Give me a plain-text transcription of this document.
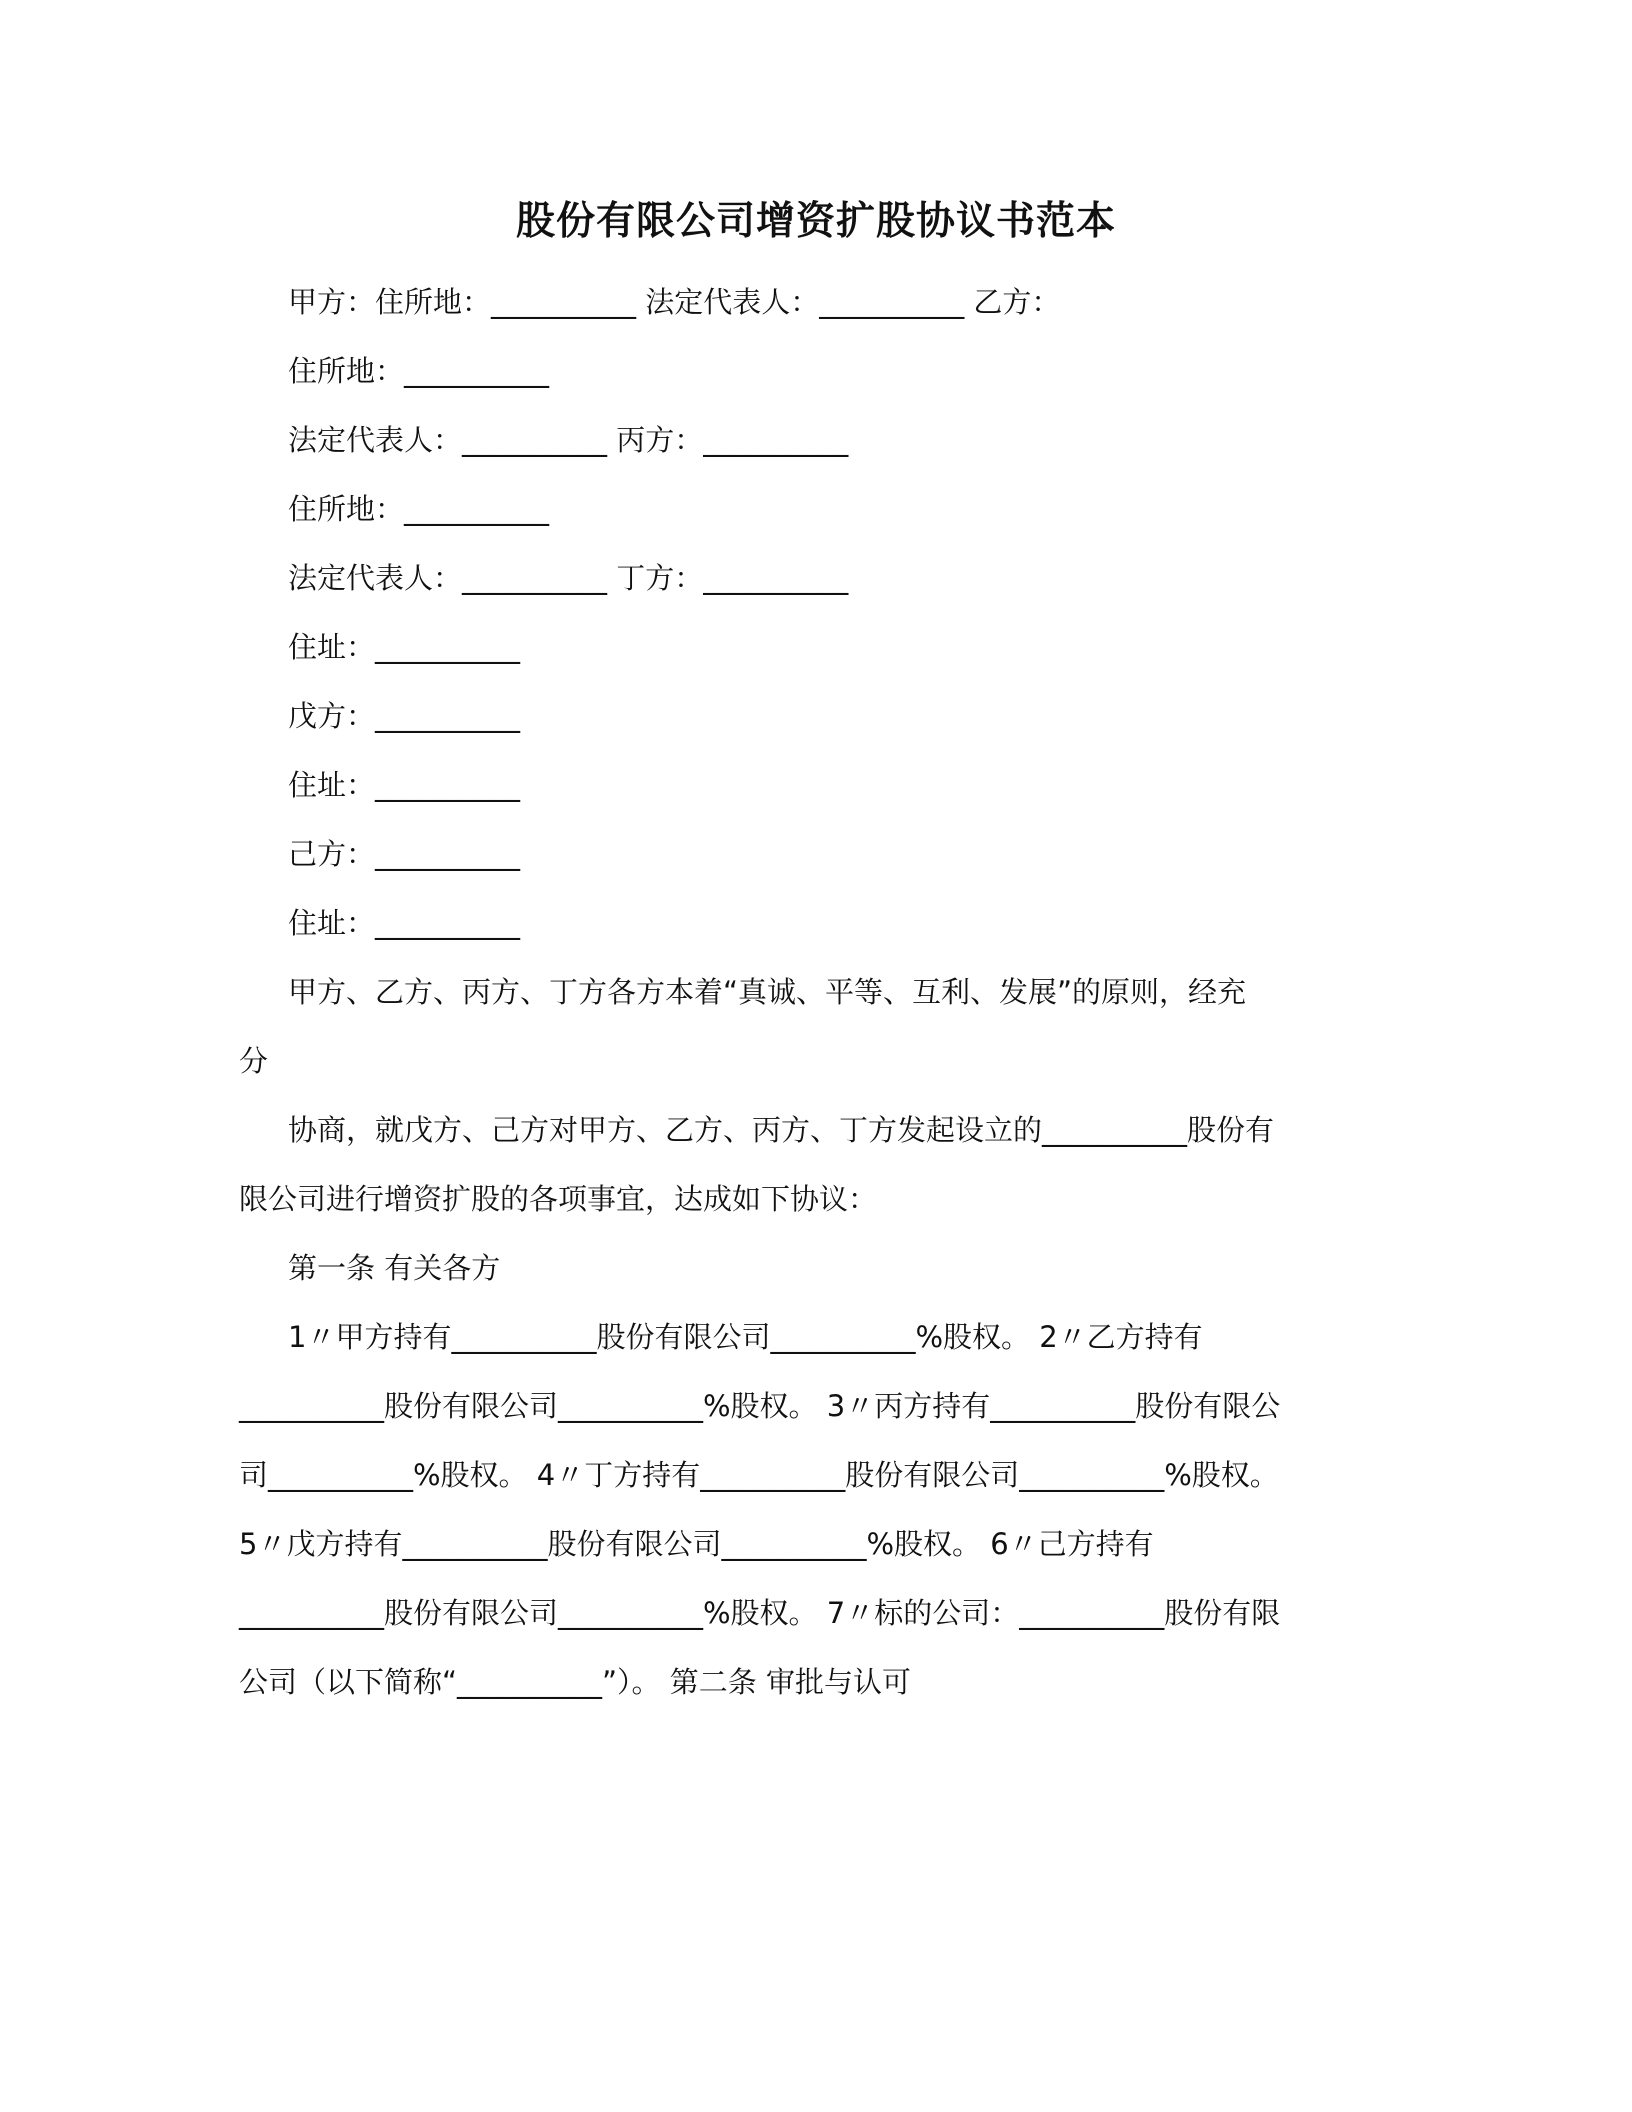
股份有限公司增资扩股协议书范本
甲方：住所地：__________ 法定代表人：__________ 乙方：
住所地：__________
法定代表人：__________ 丙方：__________
住所地：__________
法定代表人：__________ 丁方：__________
住址：__________
戊方：__________
住址：__________
己方：__________
住址：__________
甲方、乙方、丙方、丁方各方本着“真诚、平等、互利、发展”的原则，经充
分
协商，就戊方、己方对甲方、乙方、丙方、丁方发起设立的__________股份有
限公司进行增资扩股的各项事宜，达成如下协议：
第一条 有关各方
1〃甲方持有__________股份有限公司__________%股权。 2〃乙方持有
__________股份有限公司__________%股权。 3〃丙方持有__________股份有限公
司__________%股权。 4〃丁方持有__________股份有限公司__________%股权。
5〃戊方持有__________股份有限公司__________%股权。 6〃己方持有
__________股份有限公司__________%股权。 7〃标的公司：__________股份有限
公司（以下简称“__________”）。 第二条 审批与认可
